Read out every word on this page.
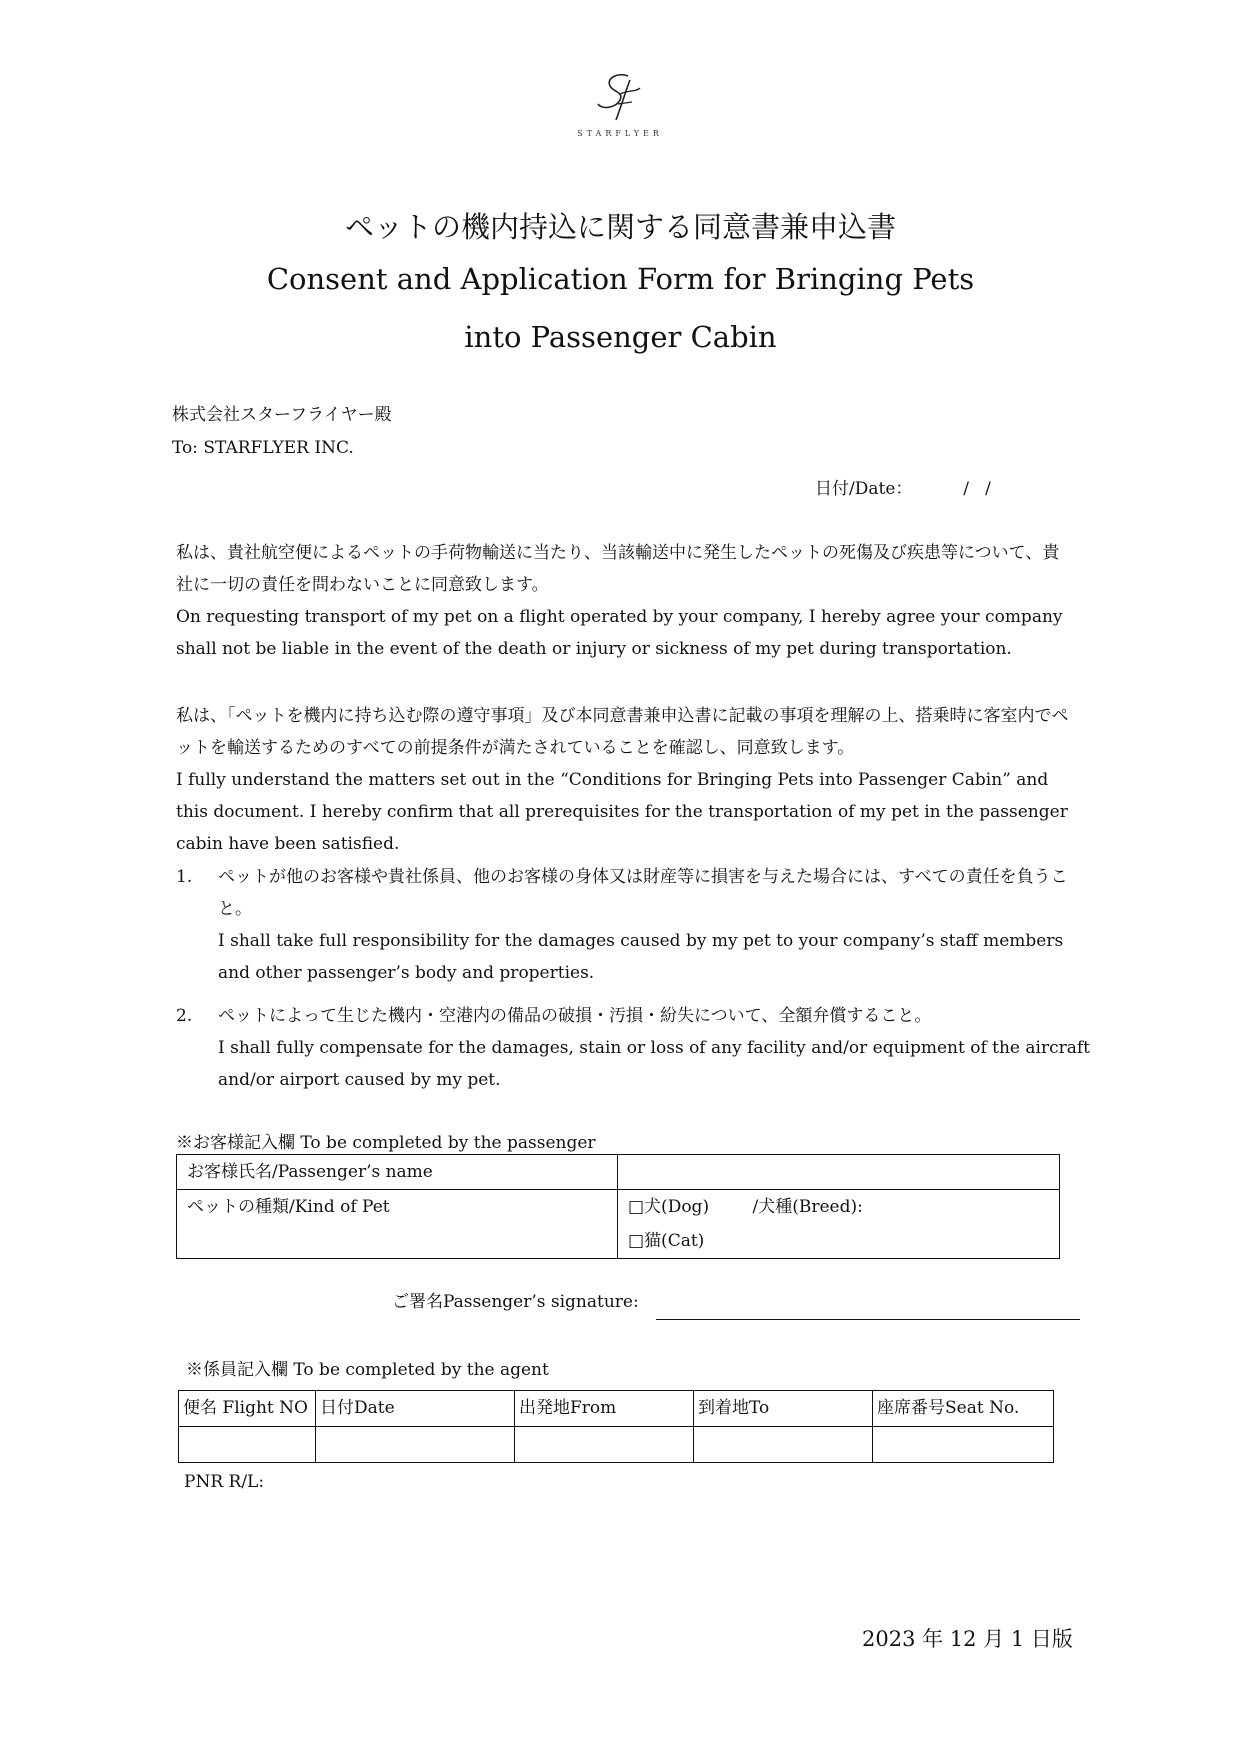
STARFLYER
ペットの機内持込に関する同意書兼申込書
Consent and Application Form for Bringing Pets
into Passenger Cabin
株式会社スターフライヤー殿
To: STARFLYER INC.
日付/Date：  /   /
私は、貴社航空便によるペットの手荷物輸送に当たり、当該輸送中に発生したペットの死傷及び疾患等について、貴社に一切の責任を問わないことに同意致します。
On requesting transport of my pet on a flight operated by your company, I hereby agree your company shall not be liable in the event of the death or injury or sickness of my pet during transportation.
私は、「ペットを機内に持ち込む際の遵守事項」及び本同意書兼申込書に記載の事項を理解の上、搭乗時に客室内でペットを輸送するためのすべての前提条件が満たされていることを確認し、同意致します。
I fully understand the matters set out in the “Conditions for Bringing Pets into Passenger Cabin” and this document. I hereby confirm that all prerequisites for the transportation of my pet in the passenger cabin have been satisfied.
1. ペットが他のお客様や貴社係員、他のお客様の身体又は財産等に損害を与えた場合には、すべての責任を負うこと。
I shall take full responsibility for the damages caused by my pet to your company’s staff members and other passenger’s body and properties.
2. ペットによって生じた機内・空港内の備品の破損・汚損・紛失について、全額弁償すること。
I shall fully compensate for the damages, stain or loss of any facility and/or equipment of the aircraft and/or airport caused by my pet.
※お客様記入欄 To be completed by the passenger
お客様氏名/Passenger’s name	
ペットの種類/Kind of Pet	□犬(Dog) /犬種(Breed):
□猫(Cat)
ご署名Passenger’s signature:
※係員記入欄 To be completed by the agent
便名 Flight NO	日付Date	出発地From	到着地To	座席番号Seat No.

PNR R/L:
2023 年 12 月 1 日版
